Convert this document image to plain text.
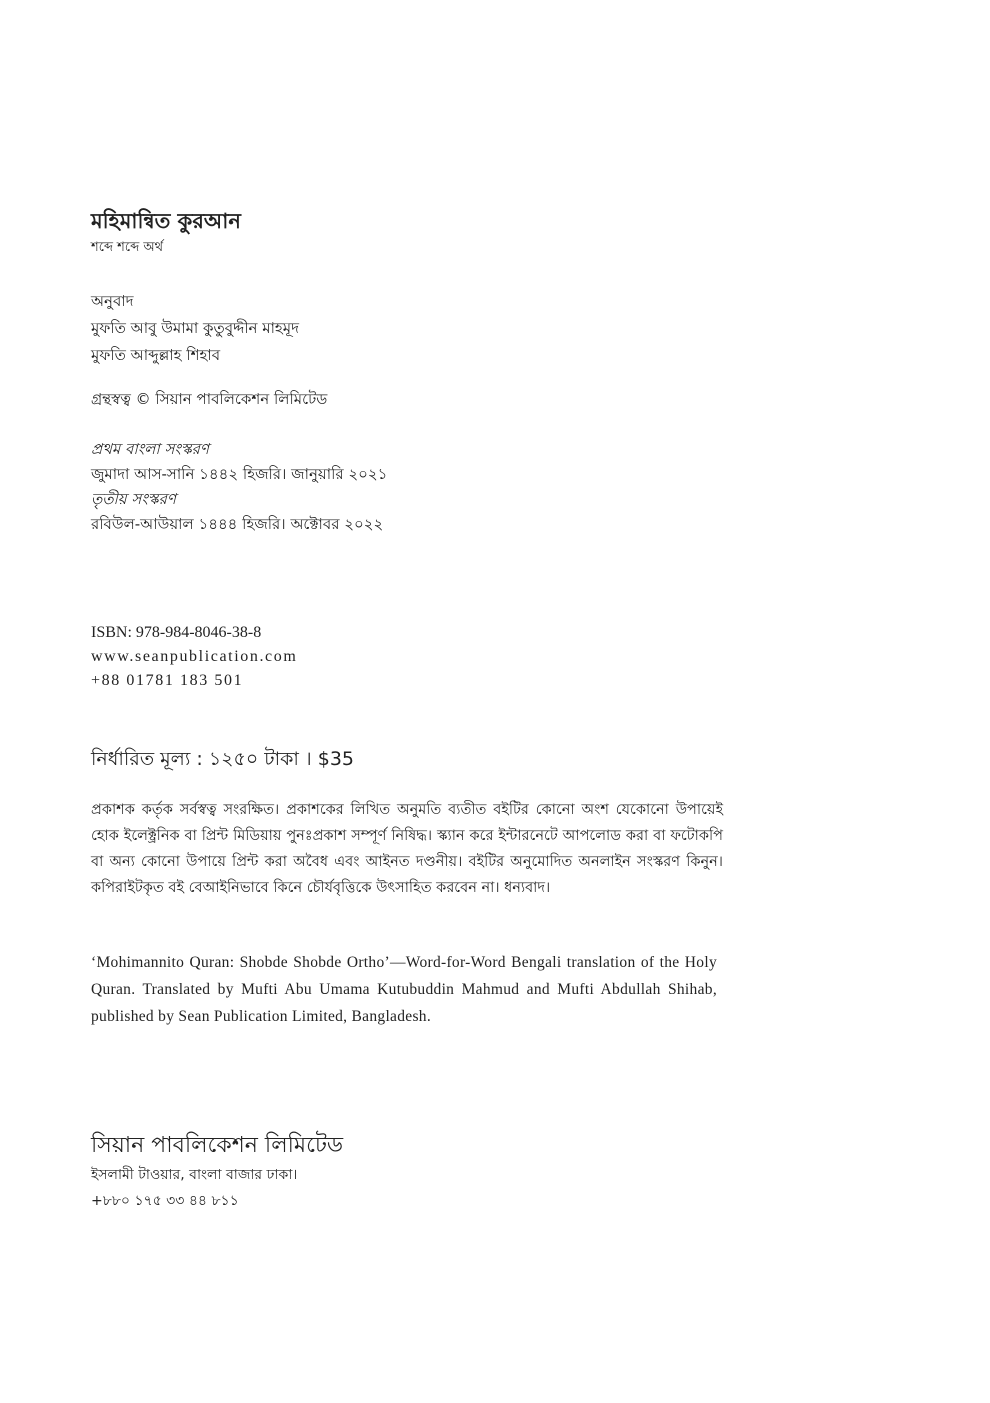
মহিমান্বিত কুরআন
শব্দে শব্দে অর্থ
অনুবাদ
মুফতি আবু উমামা কুতুবুদ্দীন মাহমূদ
মুফতি আব্দুল্লাহ শিহাব
গ্রন্থস্বত্ব © সিয়ান পাবলিকেশন লিমিটেড
প্রথম বাংলা সংস্করণ
জুমাদা আস-সানি ১৪৪২ হিজরি। জানুয়ারি ২০২১
তৃতীয় সংস্করণ
রবিউল-আউয়াল ১৪৪৪ হিজরি। অক্টোবর ২০২২
ISBN: 978-984-8046-38-8
www.seanpublication.com
+88 01781 183 501
নির্ধারিত মূল্য : ১২৫০ টাকা । $35
প্রকাশক কর্তৃক সর্বস্বত্ব সংরক্ষিত। প্রকাশকের লিখিত অনুমতি ব্যতীত বইটির কোনো অংশ যেকোনো উপায়েই হোক ইলেক্ট্রনিক বা প্রিন্ট মিডিয়ায় পুনঃপ্রকাশ সম্পূর্ণ নিষিদ্ধ। স্ক্যান করে ইন্টারনেটে আপলোড করা বা ফটোকপি বা অন্য কোনো উপায়ে প্রিন্ট করা অবৈধ এবং আইনত দণ্ডনীয়। বইটির অনুমোদিত অনলাইন সংস্করণ কিনুন। কপিরাইটকৃত বই বেআইনিভাবে কিনে চৌর্যবৃত্তিকে উৎসাহিত করবেন না। ধন্যবাদ।
‘Mohimannito Quran: Shobde Shobde Ortho’—Word-for-Word Bengali translation of the Holy Quran. Translated by Mufti Abu Umama Kutubuddin Mahmud and Mufti Abdullah Shihab, published by Sean Publication Limited, Bangladesh.
সিয়ান পাবলিকেশন লিমিটেড
ইসলামী টাওয়ার, বাংলা বাজার ঢাকা।
+৮৮০ ১৭৫ ৩৩ ৪৪ ৮১১
